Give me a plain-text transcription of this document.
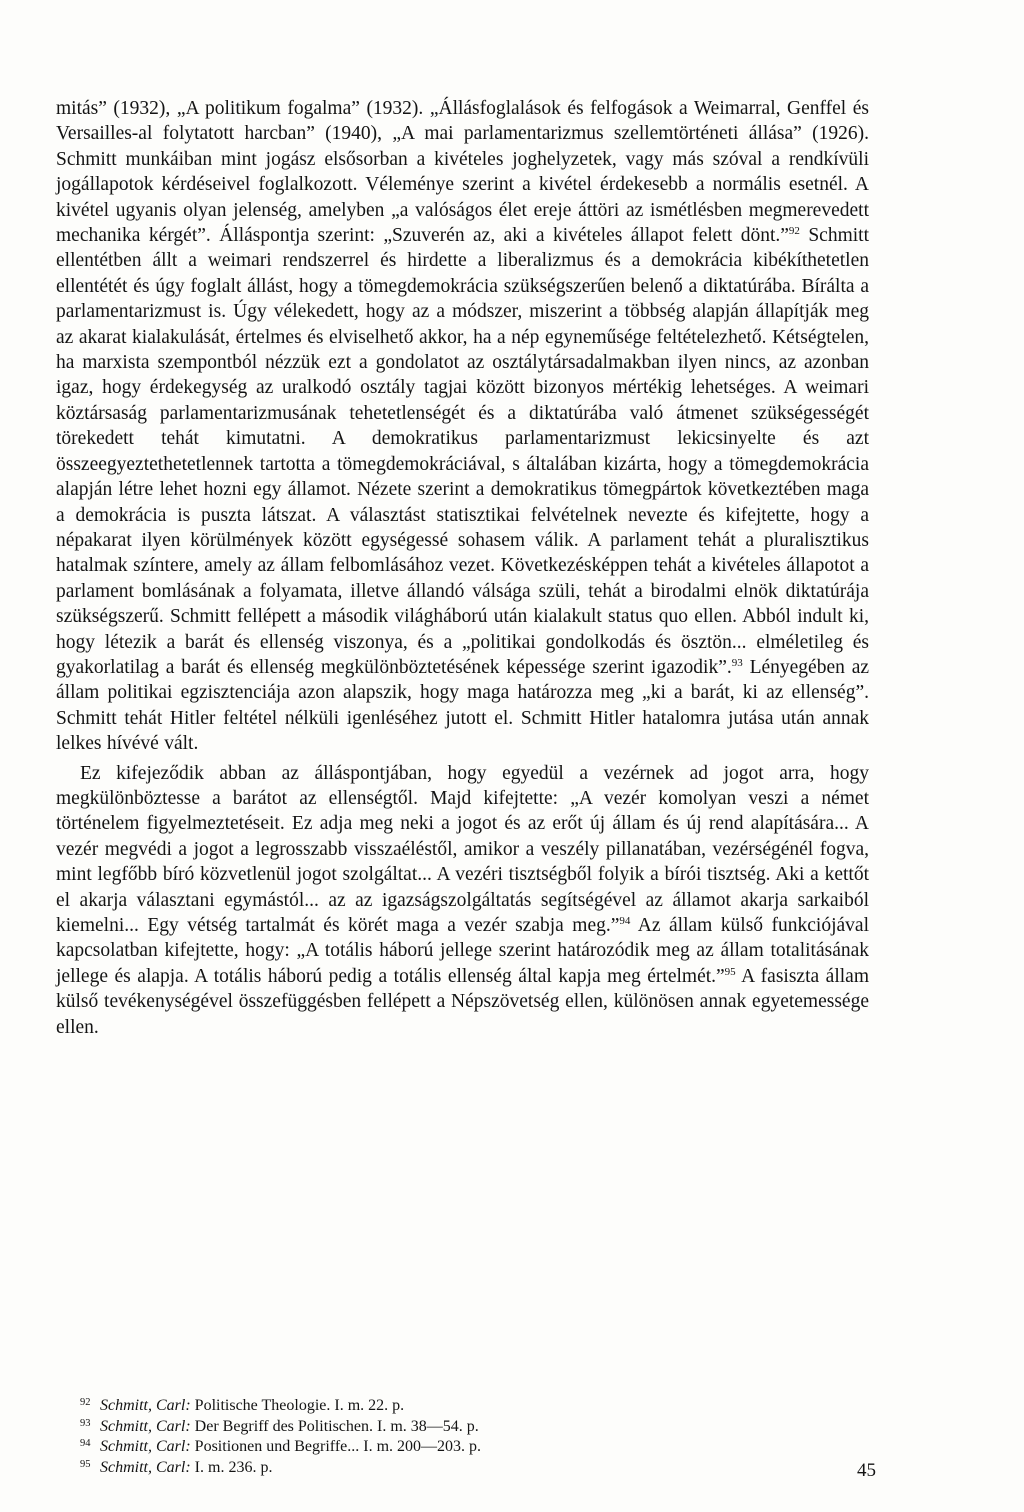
mitás” (1932), „A politikum fogalma” (1932). „Állásfoglalások és felfogások a Weimarral, Genffel és Versailles-al folytatott harcban” (1940), „A mai parlamentarizmus szellemtörténeti állása” (1926). Schmitt munkáiban mint jogász elsősorban a kivételes joghelyzetek, vagy más szóval a rendkívüli jogállapotok kérdéseivel foglalkozott. Véleménye szerint a kivétel érdekesebb a normális esetnél. A kivétel ugyanis olyan jelenség, amelyben „a valóságos élet ereje áttöri az ismétlésben megmerevedett mechanika kérgét”. Álláspontja szerint: „Szuverén az, aki a kivételes állapot felett dönt.”$^{92}$ Schmitt ellentétben állt a weimari rendszerrel és hirdette a liberalizmus és a demokrácia kibékíthetetlen ellentétét és úgy foglalt állást, hogy a tömegdemokrácia szükségszerűen belenő a diktatúrába. Bírálta a parlamentarizmust is. Úgy vélekedett, hogy az a módszer, miszerint a többség alapján állapítják meg az akarat kialakulását, értelmes és elviselhető akkor, ha a nép egyneműsége feltételezhető. Kétségtelen, ha marxista szempontból nézzük ezt a gondolatot az osztálytársadalmakban ilyen nincs, az azonban igaz, hogy érdekegység az uralkodó osztály tagjai között bizonyos mértékig lehetséges. A weimari köztársaság parlamentarizmusának tehetetlenségét és a diktatúrába való átmenet szükségességét törekedett tehát kimutatni. A demokratikus parlamentarizmust lekicsinyelte és azt összeegyeztethetetlennek tartotta a tömegdemokráciával, s általában kizárta, hogy a tömegdemokrácia alapján létre lehet hozni egy államot. Nézete szerint a demokratikus tömegpártok következtében maga a demokrácia is puszta látszat. A választást statisztikai felvételnek nevezte és kifejtette, hogy a népakarat ilyen körülmények között egységessé sohasem válik. A parlament tehát a pluralisztikus hatalmak színtere, amely az állam felbomlásához vezet. Következésképpen tehát a kivételes állapotot a parlament bomlásának a folyamata, illetve állandó válsága szüli, tehát a birodalmi elnök diktatúrája szükségszerű. Schmitt fellépett a második világháború után kialakult status quo ellen. Abból indult ki, hogy létezik a barát és ellenség viszonya, és a „politikai gondolkodás és ösztön... elméletileg és gyakorlatilag a barát és ellenség megkülönböztetésének képessége szerint igazodik”.$^{93}$ Lényegében az állam politikai egzisztenciája azon alapszik, hogy maga határozza meg „ki a barát, ki az ellenség”. Schmitt tehát Hitler feltétel nélküli igenléséhez jutott el. Schmitt Hitler hatalomra jutása után annak lelkes hívévé vált.

Ez kifejeződik abban az álláspontjában, hogy egyedül a vezérnek ad jogot arra, hogy megkülönböztesse a barátot az ellenségtől. Majd kifejtette: „A vezér komolyan veszi a német történelem figyelmeztetéseit. Ez adja meg neki a jogot és az erőt új állam és új rend alapítására... A vezér megvédi a jogot a legrosszabb visszaéléstől, amikor a veszély pillanatában, vezérségénél fogva, mint legfőbb bíró közvetlenül jogot szolgáltat... A vezéri tisztségből folyik a bírói tisztség. Aki a kettőt el akarja választani egymástól... az az igazságszolgáltatás segítségével az államot akarja sarkaiból kiemelni... Egy vétség tartalmát és körét maga a vezér szabja meg.”$^{94}$ Az állam külső funkciójával kapcsolatban kifejtette, hogy: „A totális háború jellege szerint határozódik meg az állam totalitásának jellege és alapja. A totális háború pedig a totális ellenség által kapja meg értelmét.”$^{95}$ A fasiszta állam külső tevékenységével összefüggésben fellépett a Népszövetség ellen, különösen annak egyetemessége ellen.

92 Schmitt, Carl: Politische Theologie. I. m. 22. p.

93 Schmitt, Carl: Der Begriff des Politischen. I. m. 38—54. p.

94 Schmitt, Carl: Positionen und Begriffe... I. m. 200—203. p.

95 Schmitt, Carl: I. m. 236. p.	45
